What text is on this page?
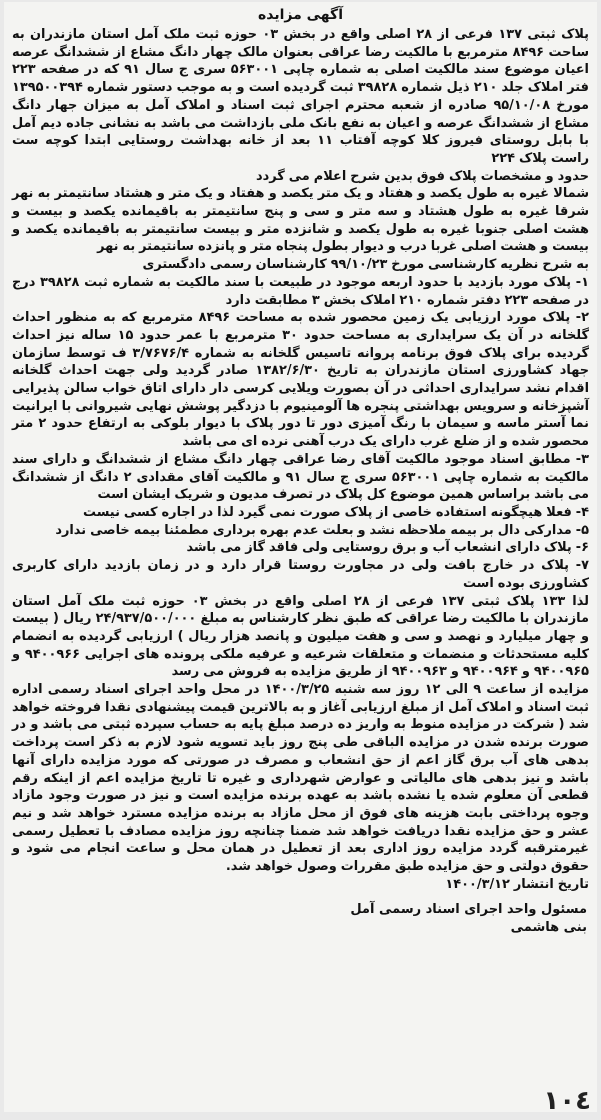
آگهی مزایده

پلاک ثبتی ۱۳۷ فرعی از ۲۸ اصلی واقع در بخش ۰۳ حوزه ثبت ملک آمل استان مازندران به ساحت ۸۴۹۶ مترمربع با مالکیت رضا عراقی بعنوان مالک چهار دانگ مشاع از ششدانگ عرصه اعیان موضوع سند مالکیت اصلی به شماره چاپی ۵۶۳۰۰۱ سری ج سال ۹۱ که در صفحه ۲۲۳ فتر املاک جلد ۲۱۰ ذیل شماره ۳۹۸۲۸ ثبت گردیده است و به موجب دستور شماره ۱۳۹۵۰۰۳۹۴ مورخ ۹۵/۱۰/۰۸ صادره از شعبه محترم اجرای ثبت اسناد و املاک آمل به میزان جهار دانگ مشاع از ششدانگ عرصه و اعیان به نفع بانک ملی بازداشت می باشد به نشانی جاده دیم آمل با بابل روستای فیروز کلا کوچه آفتاب ۱۱ بعد از خانه بهداشت روستایی ابتدا کوچه ست راست پلاک ۲۲۴

حدود و مشخصات پلاک فوق بدین شرح اعلام می گردد

شمالا غیره به طول یکصد و هفتاد و یک متر یکصد و هفتاد و یک متر و هشتاد سانتیمتر به نهر شرقا غیره به طول هشتاد و سه متر و سی و پنج سانتیمتر به باقیمانده یکصد و بیست و هشت اصلی جنوبا غیره به طول یکصد و شانزده متر و بیست سانتیمتر به باقیمانده یکصد و بیست و هشت اصلی غربا درب و دیوار بطول پنجاه متر و پانزده سانتیمتر به نهر

به شرح نظریه کارشناسی مورخ ۹۹/۱۰/۲۳ کارشناسان رسمی دادگستری

۱- پلاک مورد بازدید با حدود اربعه موجود در طبیعت با سند مالکیت به شماره ثبت ۳۹۸۲۸ درج در صفحه ۲۲۳ دفتر شماره ۲۱۰ املاک بخش ۳ مطابقت دارد

۲- پلاک مورد ارزیابی یک زمین محصور شده به مساحت ۸۴۹۶ مترمربع که به منظور احداث گلخانه در آن یک سرایداری به مساحت حدود ۳۰ مترمربع با عمر حدود ۱۵ ساله نیز احداث گردیده برای پلاک فوق برنامه پروانه تاسیس گلخانه به شماره ۳/۷۶۷۶/۴ ف توسط سازمان جهاد کشاورزی استان مازندران به تاریخ ۱۳۸۲/۶/۳۰ صادر گردید ولی جهت احداث گلخانه اقدام نشد سرایداری احداثی در آن بصورت ویلایی کرسی دار دارای اتاق خواب سالن پذیرایی آشپزخانه و سرویس بهداشتی پنجره ها آلومینیوم با دزدگیر پوشش نهایی شیروانی با ایرانیت نما آستر ماسه و سیمان با رنگ آمیزی دور تا دور پلاک با دیوار بلوکی به ارتفاع حدود ۲ متر محصور شده و از ضلع غرب دارای یک درب آهنی نرده ای می باشد

۳- مطابق اسناد موجود مالکیت آقای رضا عراقی چهار دانگ مشاع از ششدانگ و دارای سند مالکیت به شماره چاپی ۵۶۳۰۰۱ سری ج سال ۹۱ و مالکیت آقای مقدادی ۲ دانگ از ششدانگ می باشد براساس همین موضوع کل پلاک در تصرف مدیون و شریک ایشان است

۴- فعلا هیچگونه استفاده خاصی از پلاک صورت نمی گیرد لذا در اجاره کسی نیست

۵- مدارکی دال بر بیمه ملاحظه نشد و بعلت عدم بهره برداری مطمئنا بیمه خاصی ندارد

۶- پلاک دارای انشعاب آب و برق روستایی ولی فاقد گاز می باشد

۷- پلاک در خارج بافت ولی در مجاورت روستا قرار دارد و در زمان بازدید دارای کاربری کشاورزی بوده است

لذا ۱۳۳ پلاک ثبتی ۱۳۷ فرعی از ۲۸ اصلی واقع در بخش ۰۳ حوزه ثبت ملک آمل استان مازندران با مالکیت رضا عراقی که طبق نظر کارشناس به مبلغ ۲۴/۹۳۷/۵۰۰/۰۰۰ ریال ( بیست و چهار میلیارد و نهصد و سی و هفت میلیون و پانصد هزار ریال ) ارزیابی گردیده به انضمام کلیه مستحدثات و منضمات و متعلقات شرعیه و عرفیه ملکی پرونده های اجرایی ۹۴۰۰۹۶۶ و ۹۴۰۰۹۶۵ و ۹۴۰۰۹۶۴ و ۹۴۰۰۹۶۳ از طریق مزایده به فروش می رسد

مزایده از ساعت ۹ الی ۱۲ روز سه شنبه ۱۴۰۰/۳/۲۵ در محل واحد اجرای اسناد رسمی اداره ثبت اسناد و املاک آمل از مبلغ ارزیابی آغاز و به بالاترین قیمت پیشنهادی نقدا فروخته خواهد شد ( شرکت در مزایده منوط به واریز ده درصد مبلغ پایه به حساب سپرده ثبتی می باشد و در صورت برنده شدن در مزایده الباقی طی پنج روز باید تسویه شود لازم به ذکر است پرداخت بدهی های آب برق گاز اعم از حق انشعاب و مصرف در صورتی که مورد مزایده دارای آنها باشد و نیز بدهی های مالیاتی و عوارض شهرداری و غیره تا تاریخ مزایده اعم از اینکه رقم قطعی آن معلوم شده یا نشده باشد به عهده برنده مزایده است و نیز در صورت وجود مازاد وجوه پرداختی بابت هزینه های فوق از محل مازاد به برنده مزایده مسترد خواهد شد و نیم عشر و حق مزایده نقدا دریافت خواهد شد ضمنا چنانچه روز مزایده مصادف با تعطیل رسمی غیرمترقبه گردد مزایده روز اداری بعد از تعطیل در همان محل و ساعت انجام می شود و حقوق دولتی و حق مزایده طبق مقررات وصول خواهد شد.

تاریخ انتشار ۱۴۰۰/۳/۱۲

مسئول واحد اجرای اسناد رسمی آمل
بنی هاشمی
١٠٤
